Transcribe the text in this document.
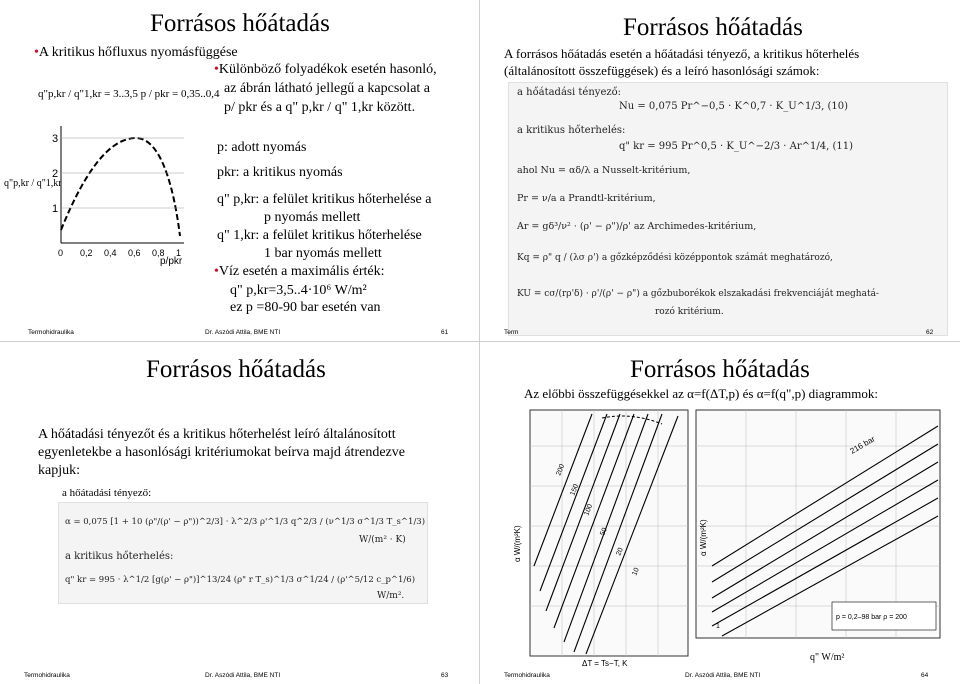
Forrásos hőátadás
•A kritikus hőfluxus nyomásfüggése
q"p,kr / q"1,kr = 3..3,5 p / pkr = 0,35..0,4
3
2
1
0 0,2 0,4 0,6 0,8 1
q"p,kr / q"1,kr
p/pkr
•Különböző folyadékok esetén hasonló,
az ábrán látható jellegű a kapcsolat a
p/ pkr és a q" p,kr / q" 1,kr között.
p: adott nyomás
pkr: a kritikus nyomás
q" p,kr: a felület kritikus hőterhelése a
p nyomás mellett
q" 1,kr: a felület kritikus hőterhelése
1 bar nyomás mellett
•Víz esetén a maximális érték:
q" p,kr=3,5..4·10⁶ W/m²
ez p =80-90 bar esetén van
Termohidraulika	Dr. Aszódi Attila, BME NTI	61
Forrásos hőátadás
A forrásos hőátadás esetén a hőátadási tényező, a kritikus hőterhelés
(általánosított összefüggések) és a leíró hasonlósági számok:
a hőátadási tényező:
Nu = 0,075 Pr^−0,5 · K^0,7 · K_U^1/3, (10)
a kritikus hőterhelés:
q" kr = 995 Pr^0,5 · K_U^−2/3 · Ar^1/4, (11)
ahol Nu = αδ/λ a Nusselt-kritérium,
Pr = ν/a a Prandtl-kritérium,
Ar = gδ³/ν² · (ρ' − ρ")/ρ' az Archimedes-kritérium,
Kq = ρ" q / (λσ ρ') a gőzképződési középpontok számát meghatározó,
KU = cσ/(rρ'δ) · ρ'/(ρ' − ρ") a gőzbuborékok elszakadási frekvenciáját meghatá-
rozó kritérium.
Term	62
Forrásos hőátadás
A hőátadási tényezőt és a kritikus hőterhelést leíró általánosított
egyenletekbe a hasonlósági kritériumokat beírva majd átrendezve
kapjuk:
a hőátadási tényező:
α = 0,075 [1 + 10 (ρ"/(ρ' − ρ"))^2/3] · λ^2/3 ρ'^1/3 q^2/3 / (ν^1/3 σ^1/3 T_s^1/3)
W/(m² · K)
a kritikus hőterhelés:
q" kr = 995 · λ^1/2 [g(ρ' − ρ")]^13/24 (ρ" r T_s)^1/3 σ^1/24 / (ρ'^5/12 c_p^1/6)
W/m².
Termohidraulika	Dr. Aszódi Attila, BME NTI	63
Forrásos hőátadás
Az előbbi összefüggésekkel az α=f(ΔT,p) és α=f(q",p) diagrammok:
α W/(m²K)
ΔT = Ts−T, K
200
150
100
50
20
10
α W/(m²K)
216 bar
1
p = 0,2–98 bar ρ = 200
q" W/m²
Termohidraulika	Dr. Aszódi Attila, BME NTI	64
